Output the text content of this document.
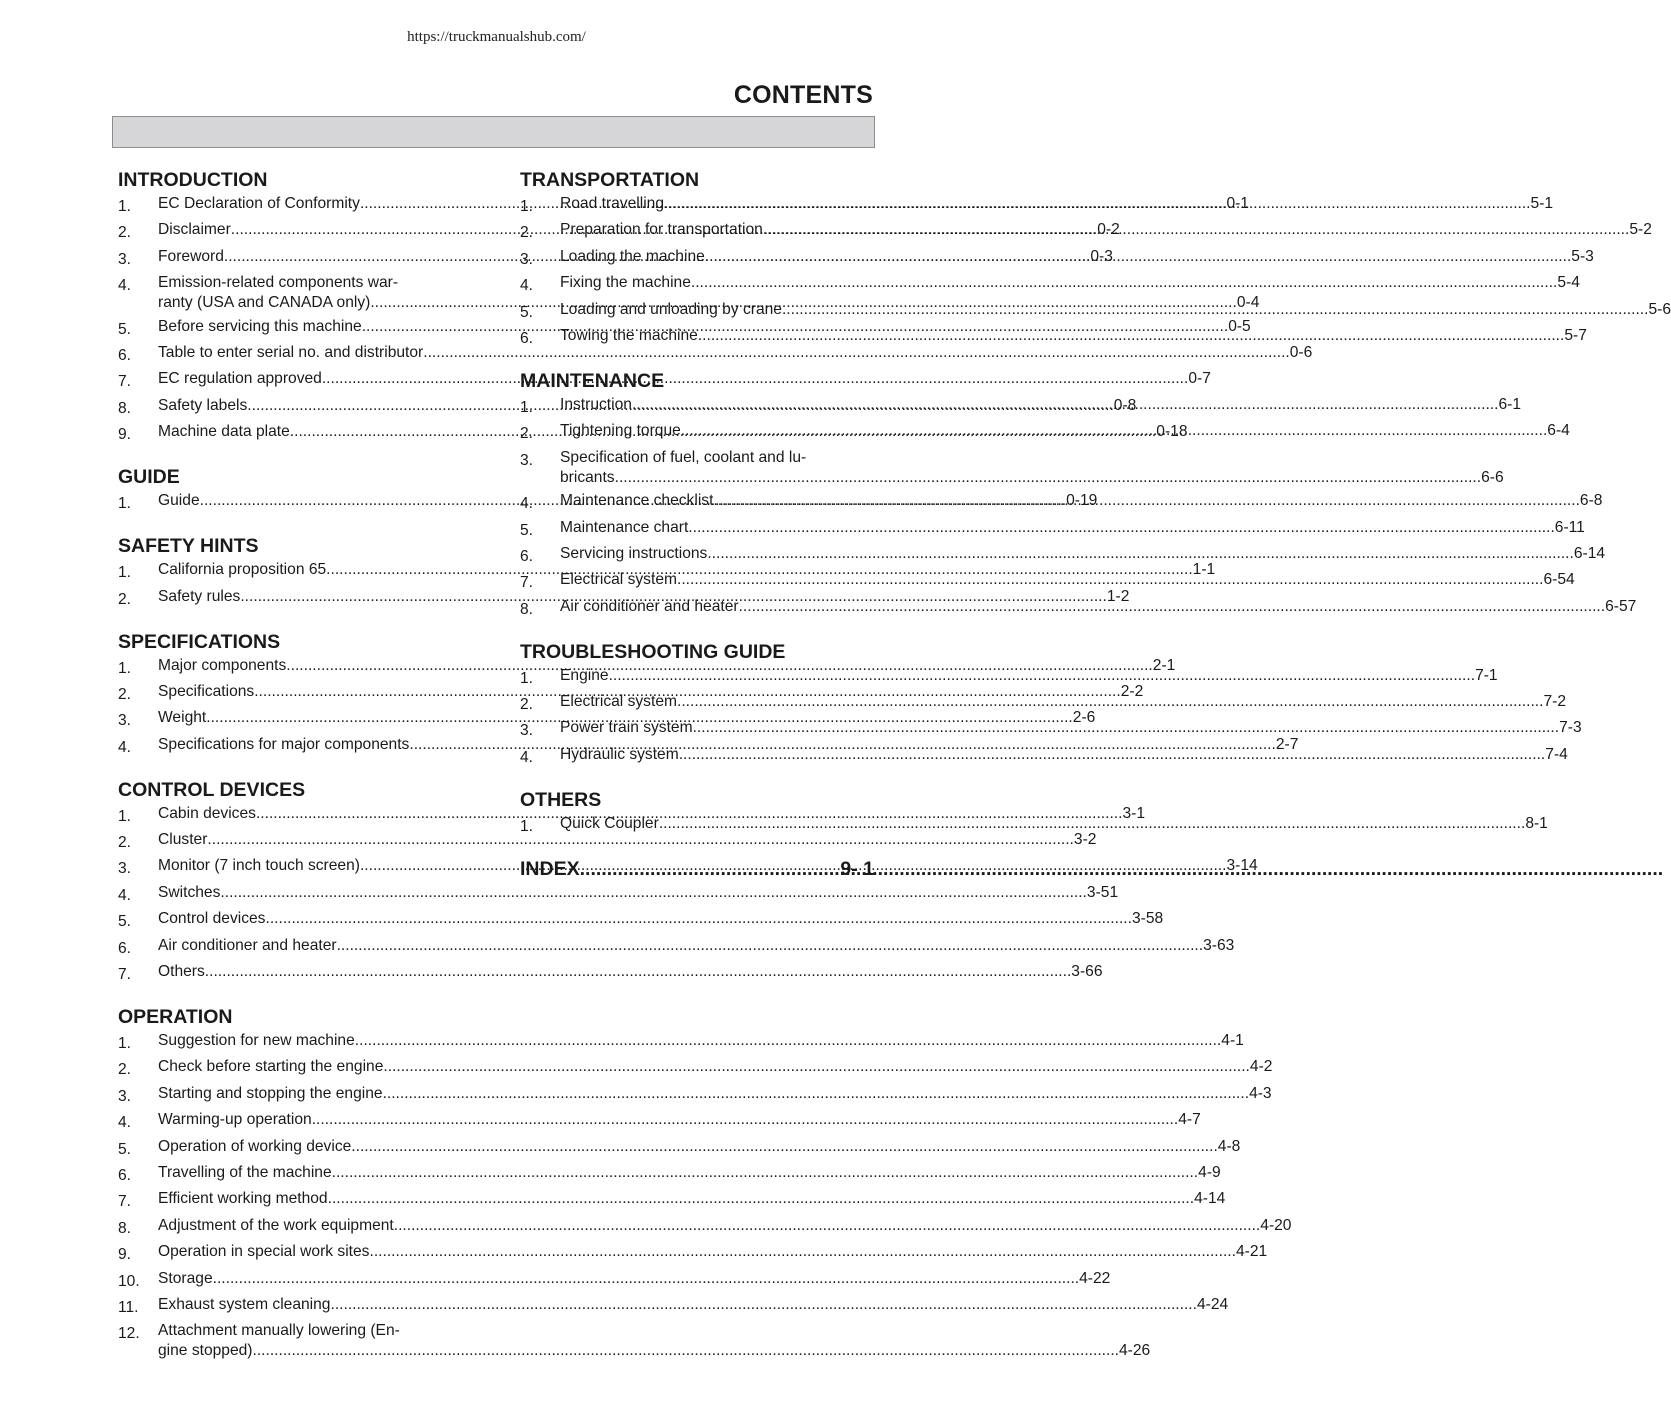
https://truckmanualshub.com/
CONTENTS
INTRODUCTION
1.	EC Declaration of Conformity .....	0-1
2.	Disclaimer .....	0-2
3.	Foreword .....	0-3
4.	Emission-related components war-
ranty (USA and CANADA only) .....	0-4
5.	Before servicing this machine .....	0-5
6.	Table to enter serial no. and distributor .....	0-6
7.	EC regulation approved .....	0-7
8.	Safety labels .....	0-8
9.	Machine data plate .....	0-18
GUIDE
1.	Guide .....	0-19
SAFETY HINTS
1.	California proposition 65 .....	1-1
2.	Safety rules .....	1-2
SPECIFICATIONS
1.	Major components .....	2-1
2.	Specifications .....	2-2
3.	Weight .....	2-6
4.	Specifications for major components .....	2-7
CONTROL DEVICES
1.	Cabin devices .....	3-1
2.	Cluster .....	3-2
3.	Monitor (7 inch touch screen) .....	3-14
4.	Switches .....	3-51
5.	Control devices .....	3-58
6.	Air conditioner and heater .....	3-63
7.	Others .....	3-66
OPERATION
1.	Suggestion for new machine .....	4-1
2.	Check before starting the engine .....	4-2
3.	Starting and stopping the engine .....	4-3
4.	Warming-up operation .....	4-7
5.	Operation of working device .....	4-8
6.	Travelling of the machine .....	4-9
7.	Efficient working method .....	4-14
8.	Adjustment of the work equipment .....	4-20
9.	Operation in special work sites .....	4-21
10.	Storage .....	4-22
11.	Exhaust system cleaning .....	4-24
12.	Attachment manually lowering (En-
gine stopped) .....	4-26
TRANSPORTATION
1.	Road travelling .....	5-1
2.	Preparation for transportation .....	5-2
3.	Loading the machine .....	5-3
4.	Fixing the machine .....	5-4
5.	Loading and unloading by crane .....	5-6
6.	Towing the machine .....	5-7
MAINTENANCE
1.	Instruction .....	6-1
2.	Tightening torque .....	6-4
3.	Specification of fuel, coolant and lu-
bricants .....	6-6
4.	Maintenance checklist .....	6-8
5.	Maintenance chart .....	6-11
6.	Servicing instructions .....	6-14
7.	Electrical system .....	6-54
8.	Air conditioner and heater .....	6-57
TROUBLESHOOTING GUIDE
1.	Engine .....	7-1
2.	Electrical system .....	7-2
3.	Power train system .....	7-3
4.	Hydraulic system .....	7-4
OTHERS
1.	Quick Coupler .....	8-1
INDEX .....	9- 1
